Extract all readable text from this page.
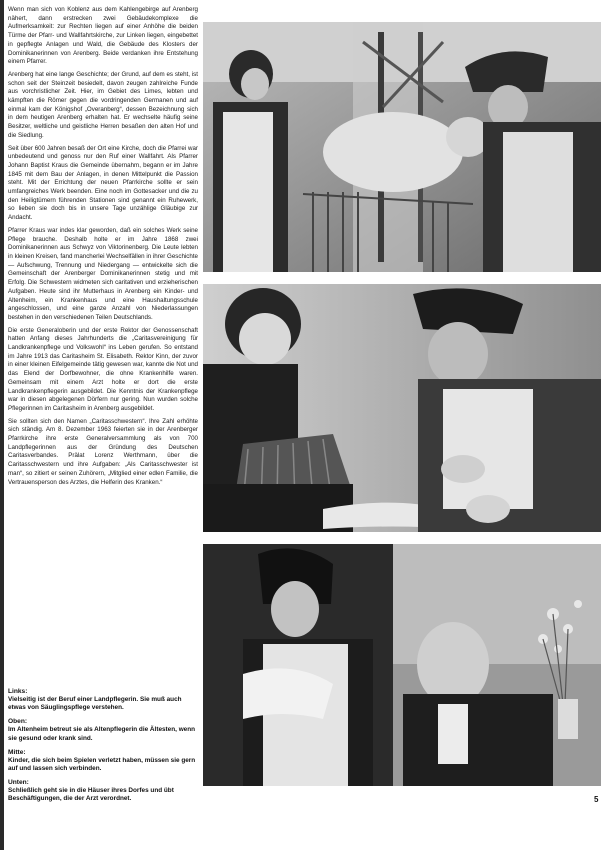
Wenn man sich von Koblenz aus dem Kahlengebirge auf Arenberg nähert, dann erstrecken zwei Gebäudekomplexe die Aufmerksamkeit: zur Rechten liegen auf einer Anhöhe die beiden Türme der Pfarr- und Wallfahrtskirche, zur Linken liegen, eingebettet in gepflegte Anlagen und Wald, die Gebäude des Klosters der Dominikanerinnen von Arenberg. Beide verdanken ihre Entstehung einem Pfarrer.

Arenberg hat eine lange Geschichte; der Grund, auf dem es steht, ist schon seit der Steinzeit besiedelt, davon zeugen zahlreiche Funde aus vorchristlicher Zeit. Hier, im Gebiet des Limes, lebten und kämpften die Römer gegen die vordringenden Germanen und auf einmal kam der Königshof „Overanberg“, dessen Bezeichnung sich in dem heutigen Arenberg erhalten hat. Er wechselte häufig seine Besitzer, weltliche und geistliche Herren besaßen den alten Hof und die Siedlung.

Seit über 600 Jahren besaß der Ort eine Kirche, doch die Pfarrei war unbedeutend und genoss nur den Ruf einer Wallfahrt. Als Pfarrer Johann Baptist Kraus die Gemeinde übernahm, begann er im Jahre 1845 mit dem Bau der Anlagen, in denen Mittelpunkt die Passion steht. Mit der Errichtung der neuen Pfarrkirche sollte er sein umfangreiches Werk beenden. Eine noch im Gottesacker und die zu den Heiligtümern führenden Stationen sind genannt ein Ruhewerk, so lieben sie doch bis in unsere Tage unzählige Gläubige zur Andacht.

Pfarrer Kraus war indes klar geworden, daß ein solches Werk seine Pflege brauche. Deshalb holte er im Jahre 1868 zwei Dominikanerinnen aus Schwyz von Viktorinenberg. Die Leute lebten in kleinen Kreisen, fand mancherlei Wechselfällen in ihrer Geschichte — Aufschwung, Trennung und Niedergang — entwickelte sich die Gemeinschaft der Arenberger Dominikanerinnen stetig und mit Erfolg. Die Schwestern widmeten sich caritativen und erzieherischen Aufgaben. Heute sind ihr Mutterhaus in Arenberg ein Kinder- und Altenheim, ein Krankenhaus und eine Haushaltungsschule angeschlossen, und eine ganze Anzahl von Niederlassungen bestehen in den verschiedenen Teilen Deutschlands.

Die erste Generaloberin und der erste Rektor der Genossenschaft hatten Anfang dieses Jahrhunderts die „Caritasvereinigung für Landkrankenpflege und Volkswohl“ ins Leben gerufen. So entstand im Jahre 1913 das Caritasheim St. Elisabeth. Rektor Kinn, der zuvor in einer kleinen Eifelgemeinde tätig gewesen war, kannte die Not und das Elend der Dorfbewohner, die ohne Krankenhilfe waren. Gemeinsam mit einem Arzt holte er dort die erste Landkrankenpflegerin ausgebildet. Die Kenntnis der Krankenpflege war in diesen abgelegenen Dörfern nur gering. Nun wurden solche Pflegerinnen im Caritasheim in Arenberg ausgebildet.

Sie sollten sich den Namen „Caritasschwestern“. Ihre Zahl erhöhte sich ständig. Am 8. Dezember 1963 feierten sie in der Arenberger Pfarrkirche ihre erste Generalversammlung als von 700 Landpflegerinnen aus der Gründung des Deutschen Caritasverbandes. Prälat Lorenz Werthmann, über die Caritasschwestern und ihre Aufgaben: „Als Caritasschwester ist man“, so zitiert er seinen Zuhörern, „Mitglied einer edlen Familie, die Vertrauensperson des Arztes, die Helferin des Kranken.“

Links:
Vielseitig ist der Beruf einer Landpflegerin. Sie muß auch etwas von Säuglingspflege verstehen.
Oben:
Im Altenheim betreut sie als Altenpflegerin die Ältesten, wenn sie gesund oder krank sind.
Mitte:
Kinder, die sich beim Spielen verletzt haben, müssen sie gern auf und lassen sich verbinden.
Unten:
Schließlich geht sie in die Häuser ihres Dorfes und übt Beschäftigungen, die der Arzt verordnet.	5
